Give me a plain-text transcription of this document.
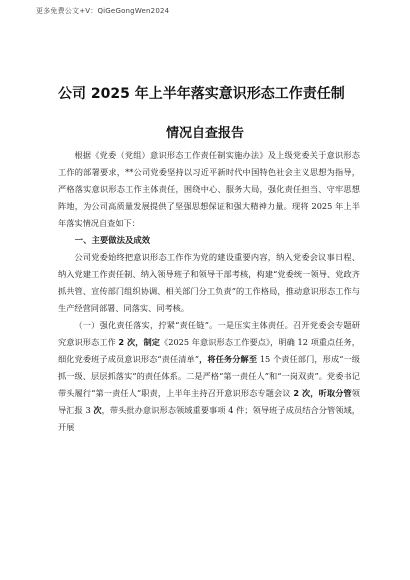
更多免费公文+V：QiGeGongWen2024
公司 2025 年上半年落实意识形态工作责任制
情况自查报告

根据《党委（党组）意识形态工作责任制实施办法》及上级党委关于意识形态工作的部署要求，**公司党委坚持以习近平新时代中国特色社会主义思想为指导，严格落实意识形态工作主体责任，围绕中心、服务大局，强化责任担当、守牢思想阵地，为公司高质量发展提供了坚强思想保证和强大精神力量。现将 2025 年上半年落实情况自查如下：

一、主要做法及成效

公司党委始终把意识形态工作作为党的建设重要内容，纳入党委会议事日程、纳入党建工作责任制、纳入领导班子和领导干部考核，构建“党委统一领导、党政齐抓共管、宣传部门组织协调、相关部门分工负责”的工作格局，推动意识形态工作与生产经营同部署、同落实、同考核。

（一）强化责任落实，拧紧“责任链”。一是压实主体责任。召开党委会专题研究意识形态工作 2 次，制定《2025 年意识形态工作要点》，明确 12 项重点任务，细化党委班子成员意识形态“责任清单”，将任务分解至 15 个责任部门，形成“一级抓一级、层层抓落实”的责任体系。二是严格“第一责任人”和“一岗双责”。党委书记带头履行“第一责任人”职责，上半年主持召开意识形态专题会议 2 次，听取分管领导汇报 3 次，带头批办意识形态领域重要事项 4 件；领导班子成员结合分管领域，开展
